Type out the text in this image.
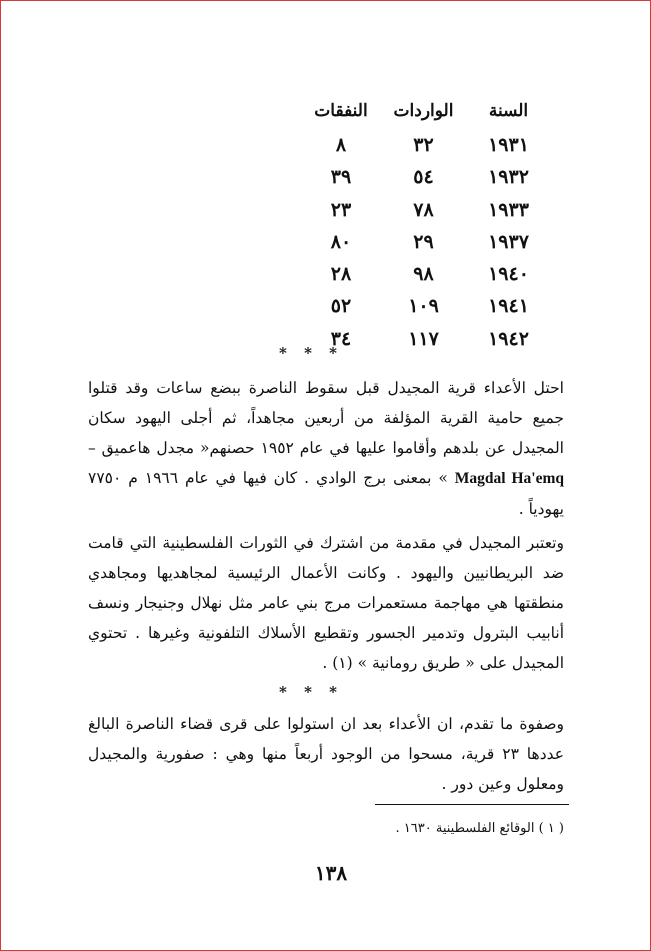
السنة
الواردات
النفقات
١٩٣١
٣٢
٨
١٩٣٢
٥٤
٣٩
١٩٣٣
٧٨
٢٣
١٩٣٧
٢٩
٨٠
١٩٤٠
٩٨
٢٨
١٩٤١
١٠٩
٥٢
١٩٤٢
١١٧
٣٤
* * *

احتل الأعداء قرية المجيدل قبل سقوط الناصرة ببضع ساعات وقد قتلوا جميع حامية القرية المؤلفة من أربعين مجاهداً، ثم أجلى اليهود سكان المجيدل عن بلدهم وأقاموا عليها في عام ١٩٥٢ حصنهم« مجدل هاعميق – Magdal Ha'emq » بمعنى برج الوادي . كان فيها في عام ١٩٦٦ م ٧٧٥٠ يهودياً .

وتعتبر المجيدل في مقدمة من اشترك في الثورات الفلسطينية التي قامت ضد البريطانيين واليهود . وكانت الأعمال الرئيسية لمجاهديها ومجاهدي منطقتها هي مهاجمة مستعمرات مرج بني عامر مثل نهلال وجنيجار ونسف أنابيب البترول وتدمير الجسور وتقطيع الأسلاك التلفونية وغيرها . تحتوي المجيدل على « طريق رومانية » (١) .

* * *

وصفوة ما تقدم، ان الأعداء بعد ان استولوا على قرى قضاء الناصرة البالغ عددها ٢٣ قرية، مسحوا من الوجود أربعاً منها وهي : صفورية والمجيدل ومعلول وعين دور .

( ١ ) الوقائع الفلسطينية ١٦٣٠ .
١٣٨
